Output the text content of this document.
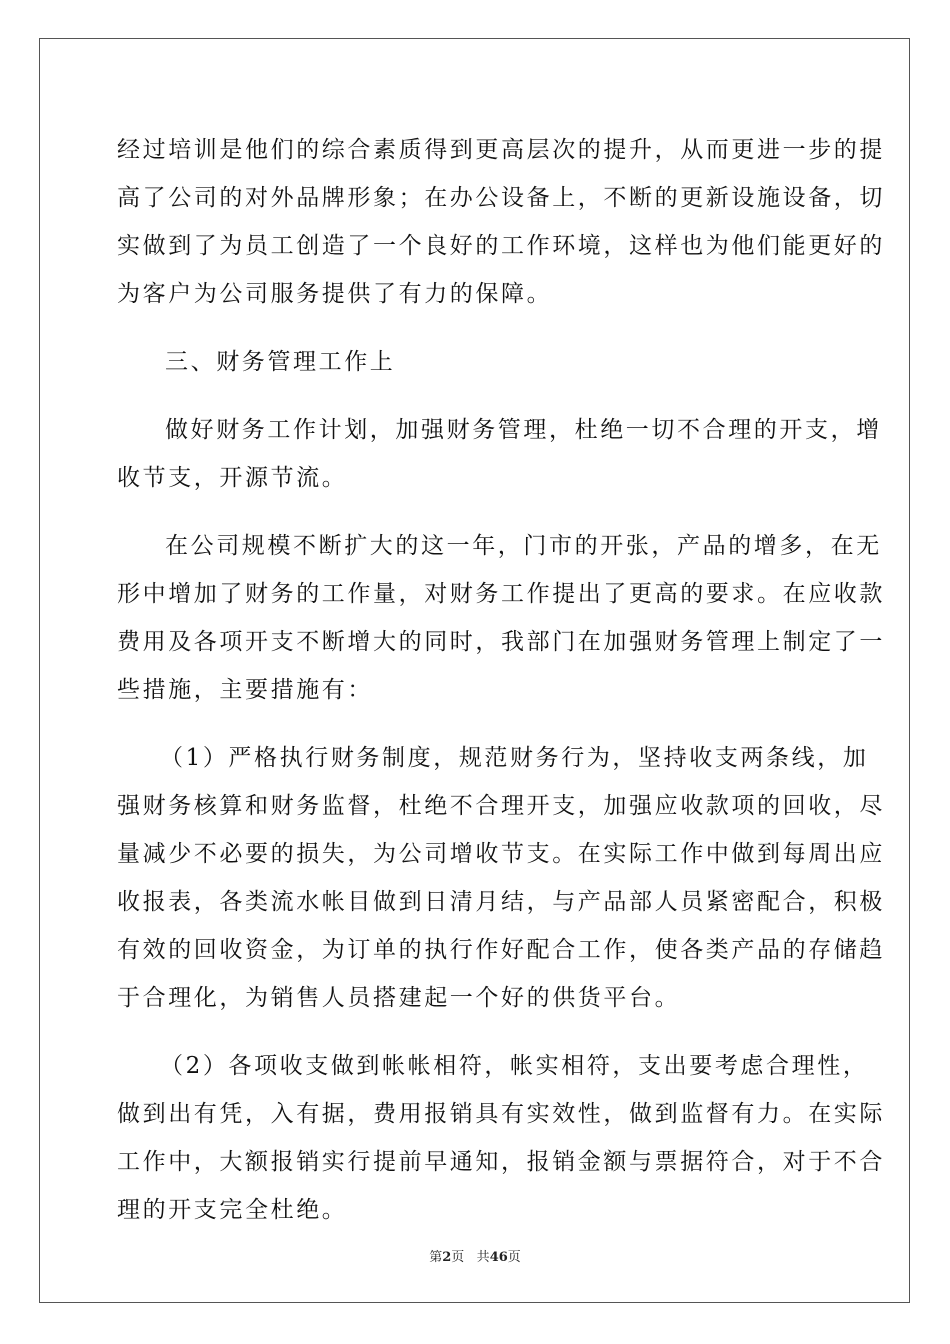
经过培训是他们的综合素质得到更高层次的提升，从而更进一步的提
高了公司的对外品牌形象；在办公设备上，不断的更新设施设备，切
实做到了为员工创造了一个良好的工作环境，这样也为他们能更好的
为客户为公司服务提供了有力的保障。
三、财务管理工作上
做好财务工作计划，加强财务管理，杜绝一切不合理的开支，增
收节支，开源节流。
在公司规模不断扩大的这一年，门市的开张，产品的增多，在无
形中增加了财务的工作量，对财务工作提出了更高的要求。在应收款
费用及各项开支不断增大的同时，我部门在加强财务管理上制定了一
些措施，主要措施有：
（1）严格执行财务制度，规范财务行为，坚持收支两条线，加
强财务核算和财务监督，杜绝不合理开支，加强应收款项的回收，尽
量减少不必要的损失，为公司增收节支。在实际工作中做到每周出应
收报表，各类流水帐目做到日清月结，与产品部人员紧密配合，积极
有效的回收资金，为订单的执行作好配合工作，使各类产品的存储趋
于合理化，为销售人员搭建起一个好的供货平台。
（2）各项收支做到帐帐相符，帐实相符，支出要考虑合理性，
做到出有凭，入有据，费用报销具有实效性，做到监督有力。在实际
工作中，大额报销实行提前早通知，报销金额与票据符合，对于不合
理的开支完全杜绝。
第2页 共46页
